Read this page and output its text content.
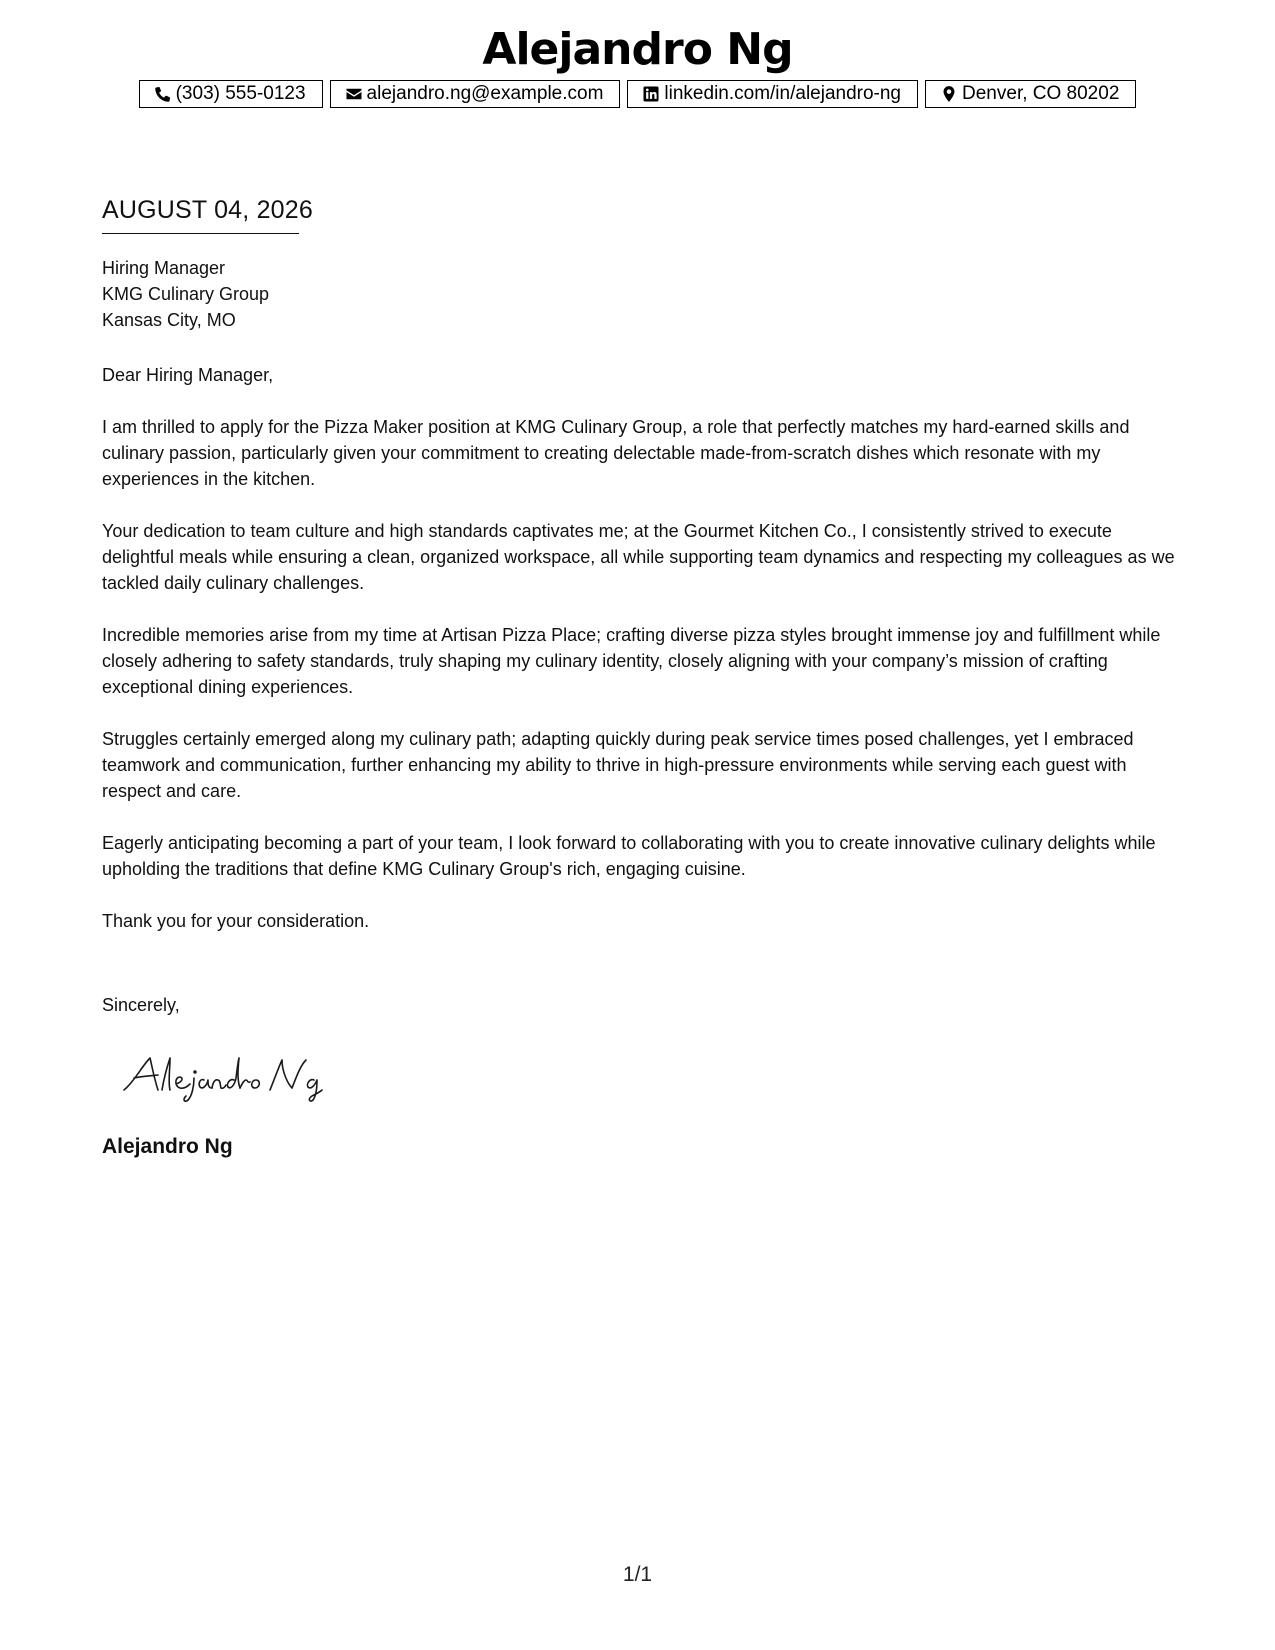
Alejandro Ng
(303) 555-0123	alejandro.ng@example.com	linkedin.com/in/alejandro-ng	Denver, CO 80202
AUGUST 04, 2026
Hiring Manager
KMG Culinary Group
Kansas City, MO

Dear Hiring Manager,

I am thrilled to apply for the Pizza Maker position at KMG Culinary Group, a role that perfectly matches my hard-earned skills and culinary passion, particularly given your commitment to creating delectable made-from-scratch dishes which resonate with my experiences in the kitchen.

Your dedication to team culture and high standards captivates me; at the Gourmet Kitchen Co., I consistently strived to execute delightful meals while ensuring a clean, organized workspace, all while supporting team dynamics and respecting my colleagues as we tackled daily culinary challenges.

Incredible memories arise from my time at Artisan Pizza Place; crafting diverse pizza styles brought immense joy and fulfillment while closely adhering to safety standards, truly shaping my culinary identity, closely aligning with your company’s mission of crafting exceptional dining experiences.

Struggles certainly emerged along my culinary path; adapting quickly during peak service times posed challenges, yet I embraced teamwork and communication, further enhancing my ability to thrive in high-pressure environments while serving each guest with respect and care.

Eagerly anticipating becoming a part of your team, I look forward to collaborating with you to create innovative culinary delights while upholding the traditions that define KMG Culinary Group's rich, engaging cuisine.

Thank you for your consideration.

Sincerely,
Alejandro Ng
1/1
